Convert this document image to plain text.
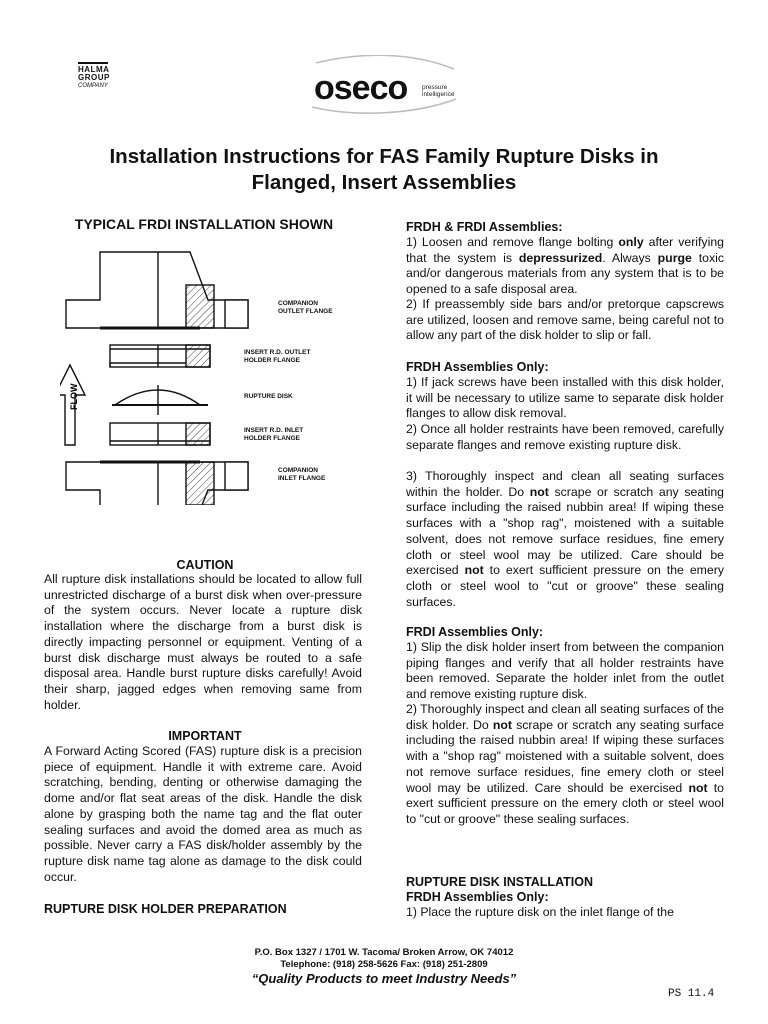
HALMA
GROUP
COMPANY	oseco pressure
intelligence
Installation Instructions for FAS Family Rupture Disks in
Flanged, Insert Assemblies
TYPICAL FRDI INSTALLATION SHOWN
FLOW
COMPANION
OUTLET FLANGE
INSERT R.D. OUTLET
HOLDER FLANGE
RUPTURE DISK
INSERT R.D. INLET
HOLDER FLANGE
COMPANION
INLET FLANGE
CAUTION
All rupture disk installations should be located to allow full unrestricted discharge of a burst disk when over-pressure of the system occurs. Never locate a rupture disk installation where the discharge from a burst disk is directly impacting personnel or equipment. Venting of a burst disk discharge must always be routed to a safe disposal area. Handle burst rupture disks carefully! Avoid their sharp, jagged edges when removing same from holder.
IMPORTANT
A Forward Acting Scored (FAS) rupture disk is a precision piece of equipment. Handle it with extreme care. Avoid scratching, bending, denting or otherwise damaging the dome and/or flat seat areas of the disk. Handle the disk alone by grasping both the name tag and the flat outer sealing surfaces and avoid the domed area as much as possible. Never carry a FAS disk/holder assembly by the rupture disk name tag alone as damage to the disk could occur.
RUPTURE DISK HOLDER PREPARATION
FRDH & FRDI Assemblies:
1) Loosen and remove flange bolting only after verifying that the system is depressurized. Always purge toxic and/or dangerous materials from any system that is to be opened to a safe disposal area.
2) If preassembly side bars and/or pretorque capscrews are utilized, loosen and remove same, being careful not to allow any part of the disk holder to slip or fall.
FRDH Assemblies Only:
1) If jack screws have been installed with this disk holder, it will be necessary to utilize same to separate disk holder flanges to allow disk removal.
2) Once all holder restraints have been removed, carefully separate flanges and remove existing rupture disk.
3) Thoroughly inspect and clean all seating surfaces within the holder. Do not scrape or scratch any seating surface including the raised nubbin area! If wiping these surfaces with a "shop rag", moistened with a suitable solvent, does not remove surface residues, fine emery cloth or steel wool may be utilized. Care should be exercised not to exert sufficient pressure on the emery cloth or steel wool to "cut or groove" these sealing surfaces.
FRDI Assemblies Only:
1) Slip the disk holder insert from between the companion piping flanges and verify that all holder restraints have been removed. Separate the holder inlet from the outlet and remove existing rupture disk.
2) Thoroughly inspect and clean all seating surfaces of the disk holder. Do not scrape or scratch any seating surface including the raised nubbin area! If wiping these surfaces with a "shop rag" moistened with a suitable solvent, does not remove surface residues, fine emery cloth or steel wool may be utilized. Care should be exercised not to exert sufficient pressure on the emery cloth or steel wool to "cut or groove" these sealing surfaces.
RUPTURE DISK INSTALLATION
FRDH Assemblies Only:
1) Place the rupture disk on the inlet flange of the
P.O. Box 1327 / 1701 W. Tacoma/ Broken Arrow, OK 74012
Telephone: (918) 258-5626 Fax: (918) 251-2809
“Quality Products to meet Industry Needs”
PS 11.4
